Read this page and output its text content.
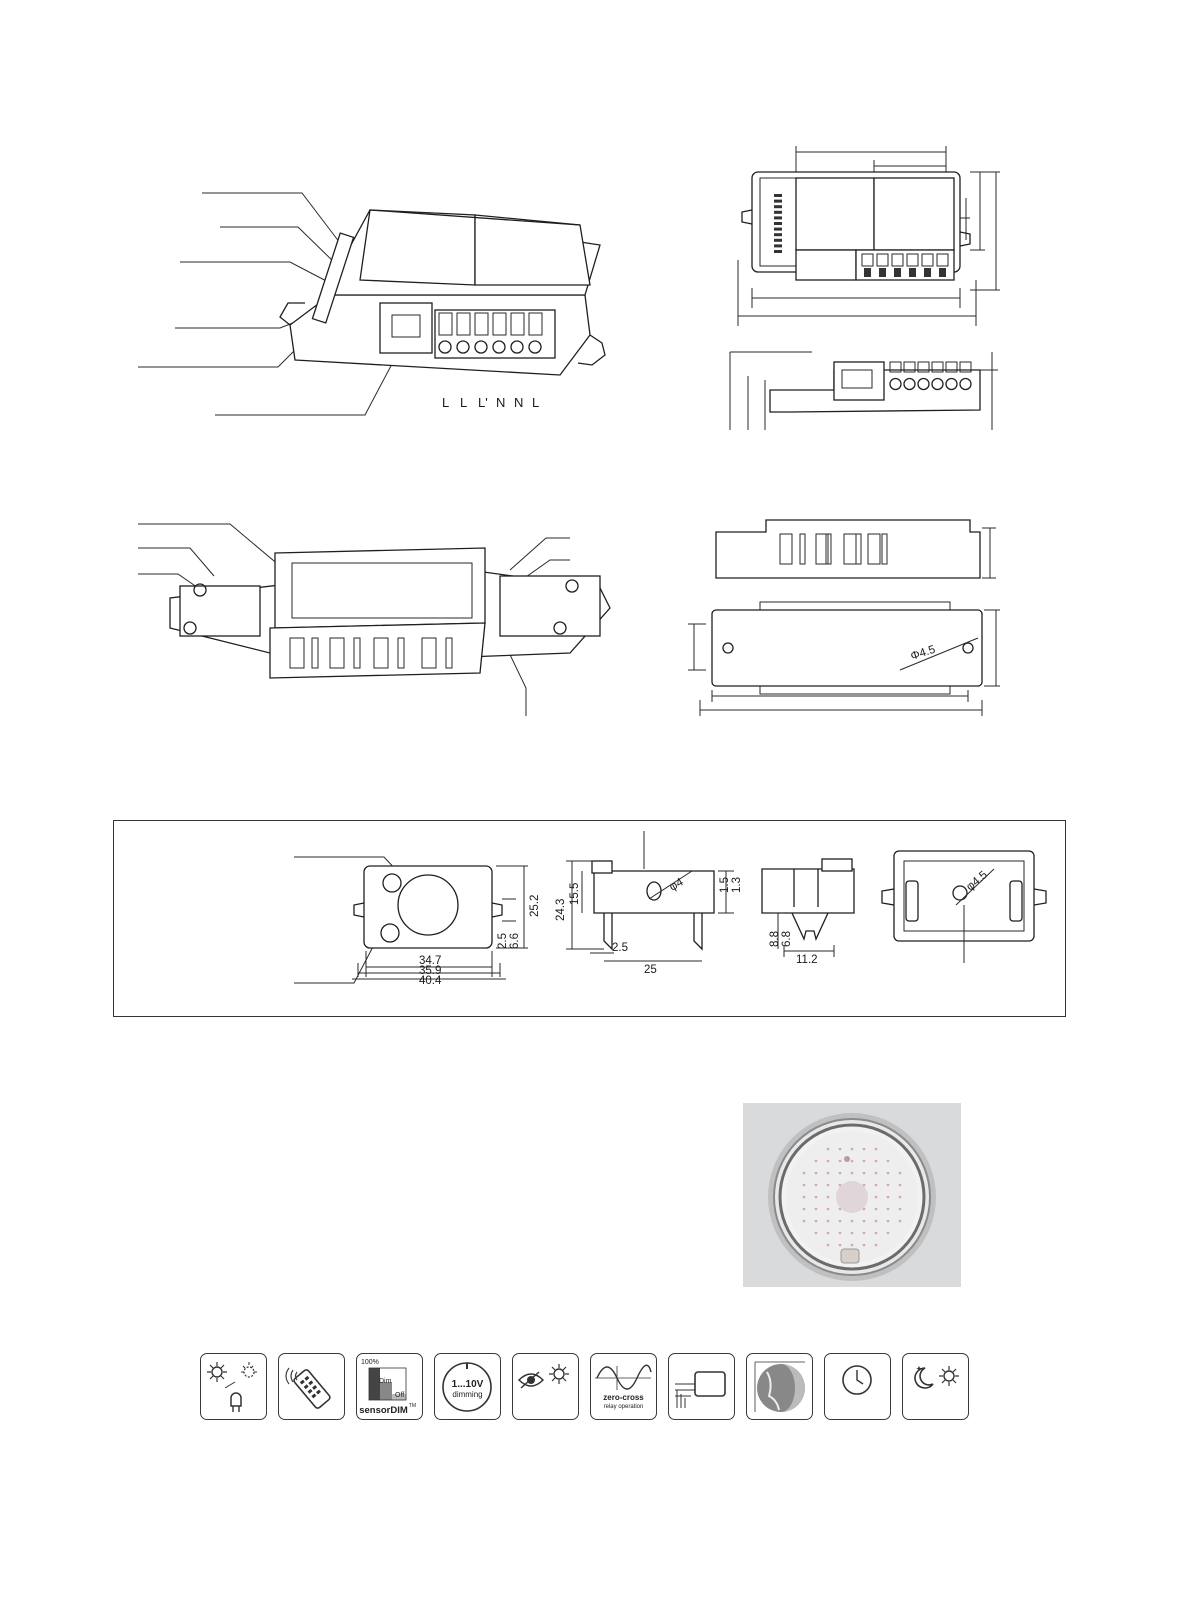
L L L' N N L
Φ4.5
34.7
35.9
40.4
25.2
2.5 6.6
φ4
24.3
15.5	1.5 1.3
2.5
25
8.8 6.8
11.2
φ4.5
100%
Dim
Off
sensorDIM TM
1...10V
dimming	zero-cross
relay operation
